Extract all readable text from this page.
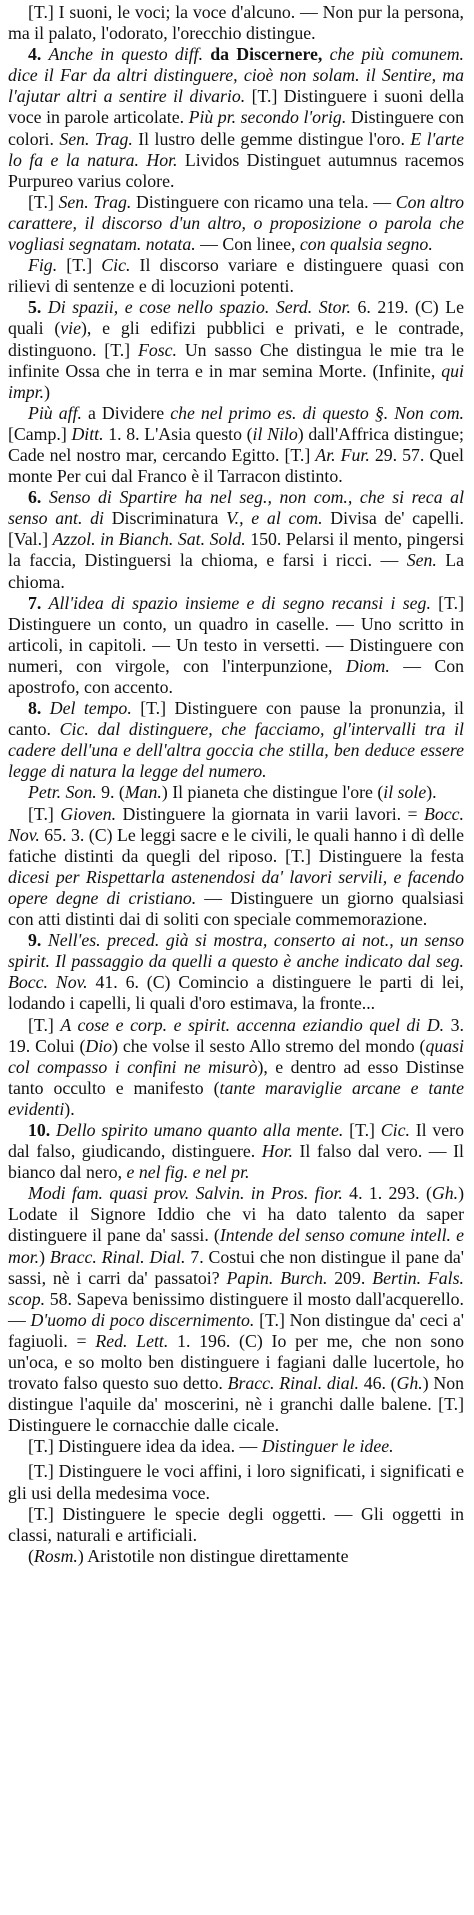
[T.] I suoni, le voci; la voce d'alcuno. — Non pur la persona, ma il palato, l'odorato, l'orecchio distingue.

4. Anche in questo diff. da Discernere, che più comunem. dice il Far da altri distinguere, cioè non solam. il Sentire, ma l'ajutar altri a sentire il divario. [T.] Distinguere i suoni della voce in parole articolate. Più pr. secondo l'orig. Distinguere con colori. Sen. Trag. Il lustro delle gemme distingue l'oro. E l'arte lo fa e la natura. Hor. Lividos Distinguet autumnus racemos Purpureo varius colore.

[T.] Sen. Trag. Distinguere con ricamo una tela. — Con altro carattere, il discorso d'un altro, o proposizione o parola che vogliasi segnatam. notata. — Con linee, con qualsia segno.

Fig. [T.] Cic. Il discorso variare e distinguere quasi con rilievi di sentenze e di locuzioni potenti.

5. Di spazii, e cose nello spazio. Serd. Stor. 6. 219. (C) Le quali (vie), e gli edifizi pubblici e privati, e le contrade, distinguono. [T.] Fosc. Un sasso Che distingua le mie tra le infinite Ossa che in terra e in mar semina Morte. (Infinite, qui impr.)

Più aff. a Dividere che nel primo es. di questo §. Non com. [Camp.] Ditt. 1. 8. L'Asia questo (il Nilo) dall'Affrica distingue; Cade nel nostro mar, cercando Egitto. [T.] Ar. Fur. 29. 57. Quel monte Per cui dal Franco è il Tarracon distinto.

6. Senso di Spartire ha nel seg., non com., che si reca al senso ant. di Discriminatura V., e al com. Divisa de' capelli. [Val.] Azzol. in Bianch. Sat. Sold. 150. Pelarsi il mento, pingersi la faccia, Distinguersi la chioma, e farsi i ricci. — Sen. La chioma.

7. All'idea di spazio insieme e di segno recansi i seg. [T.] Distinguere un conto, un quadro in caselle. — Uno scritto in articoli, in capitoli. — Un testo in versetti. — Distinguere con numeri, con virgole, con l'interpunzione, Diom. — Con apostrofo, con accento.

8. Del tempo. [T.] Distinguere con pause la pronunzia, il canto. Cic. dal distinguere, che facciamo, gl'intervalli tra il cadere dell'una e dell'altra goccia che stilla, ben deduce essere legge di natura la legge del numero.

Petr. Son. 9. (Man.) Il pianeta che distingue l'ore (il sole).

[T.] Gioven. Distinguere la giornata in varii lavori. = Bocc. Nov. 65. 3. (C) Le leggi sacre e le civili, le quali hanno i dì delle fatiche distinti da quegli del riposo. [T.] Distinguere la festa dicesi per Rispettarla astenendosi da' lavori servili, e facendo opere degne di cristiano. — Distinguere un giorno qualsiasi con atti distinti dai di soliti con speciale commemorazione.

9. Nell'es. preced. già si mostra, conserto ai not., un senso spirit. Il passaggio da quelli a questo è anche indicato dal seg. Bocc. Nov. 41. 6. (C) Comincio a distinguere le parti di lei, lodando i capelli, li quali d'oro estimava, la fronte...

[T.] A cose e corp. e spirit. accenna eziandio quel di D. 3. 19. Colui (Dio) che volse il sesto Allo stremo del mondo (quasi col compasso i confini ne misurò), e dentro ad esso Distinse tanto occulto e manifesto (tante maraviglie arcane e tante evidenti).

10. Dello spirito umano quanto alla mente. [T.] Cic. Il vero dal falso, giudicando, distinguere. Hor. Il falso dal vero. — Il bianco dal nero, e nel fig. e nel pr.

Modi fam. quasi prov. Salvin. in Pros. fior. 4. 1. 293. (Gh.) Lodate il Signore Iddio che vi ha dato talento da saper distinguere il pane da' sassi. (Intende del senso comune intell. e mor.) Bracc. Rinal. Dial. 7. Costui che non distingue il pane da' sassi, nè i carri da' passatoi? Papin. Burch. 209. Bertin. Fals. scop. 58. Sapeva benissimo distinguere il mosto dall'acquerello. — D'uomo di poco discernimento. [T.] Non distingue da' ceci a' fagiuoli. = Red. Lett. 1. 196. (C) Io per me, che non sono un'oca, e so molto ben distinguere i fagiani dalle lucertole, ho trovato falso questo suo detto. Bracc. Rinal. dial. 46. (Gh.) Non distingue l'aquile da' moscerini, nè i granchi dalle balene. [T.] Distinguere le cornacchie dalle cicale.

[T.] Distinguere idea da idea. — Distinguer le idee.

[T.] Distinguere le voci affini, i loro significati, i significati e gli usi della medesima voce.

[T.] Distinguere le specie degli oggetti. — Gli oggetti in classi, naturali e artificiali.

(Rosm.) Aristotile non distingue direttamente
